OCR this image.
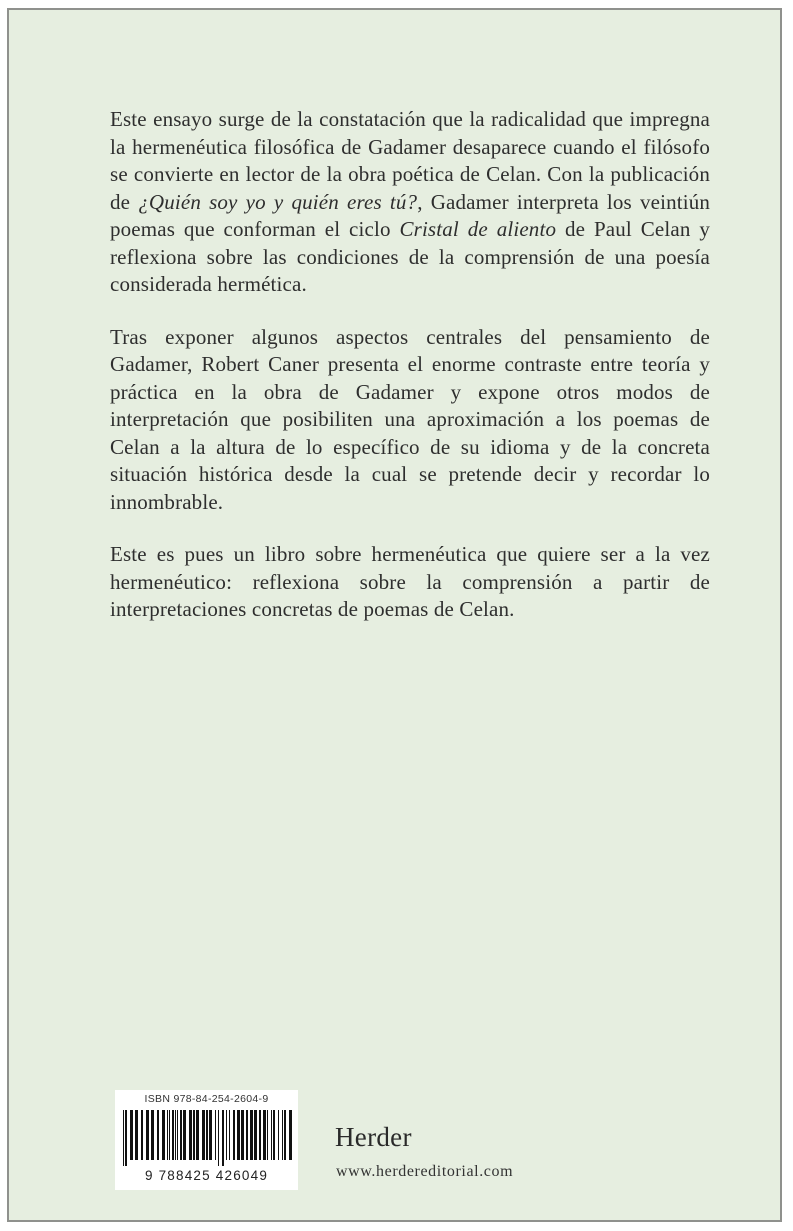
Este ensayo surge de la constatación que la radicalidad que impregna la hermenéutica filosófica de Gadamer desaparece cuando el filósofo se convierte en lector de la obra poética de Celan. Con la publicación de ¿Quién soy yo y quién eres tú?, Gadamer interpreta los veintiún poemas que conforman el ciclo Cristal de aliento de Paul Celan y reflexiona sobre las condiciones de la comprensión de una poesía considerada hermética.

Tras exponer algunos aspectos centrales del pensamiento de Gadamer, Robert Caner presenta el enorme contraste entre teoría y práctica en la obra de Gadamer y expone otros modos de interpretación que posibiliten una aproximación a los poemas de Celan a la altura de lo específico de su idioma y de la concreta situación histórica desde la cual se pretende decir y recordar lo innombrable.

Este es pues un libro sobre hermenéutica que quiere ser a la vez hermenéutico: reflexiona sobre la comprensión a partir de interpretaciones concretas de poemas de Celan.

ISBN 978-84-254-2604-9
9 788425 426049
Herder
www.herdereditorial.com
